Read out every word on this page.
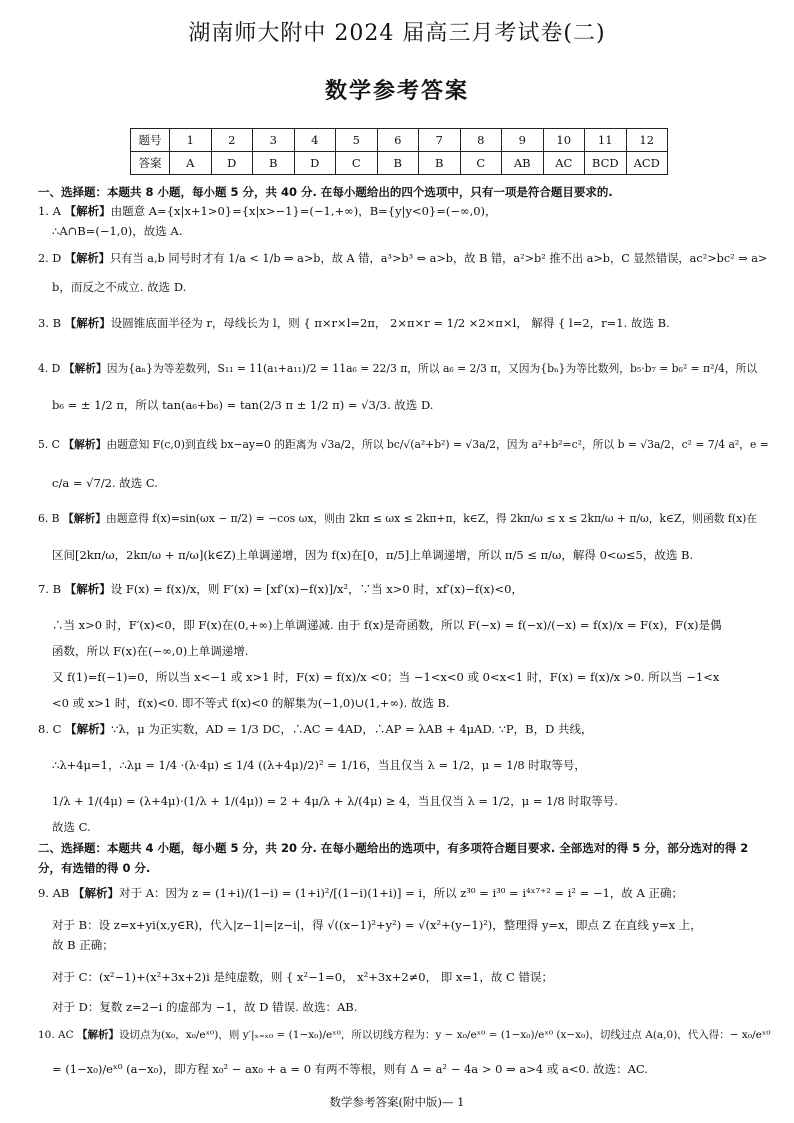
湖南师大附中 2024 届高三月考试卷(二)
数学参考答案
题号	1	2	3	4	5	6	7	8	9	10	11	12
答案	A	D	B	D	C	B	B	C	AB	AC	BCD	ACD
一、选择题：本题共 8 小题，每小题 5 分，共 40 分. 在每小题给出的四个选项中，只有一项是符合题目要求的.
1. A 【解析】由题意 A={x|x+1>0}={x|x>−1}=(−1,+∞)，B={y|y<0}=(−∞,0)，
∴A∩B=(−1,0)，故选 A.
2. D 【解析】只有当 a,b 同号时才有 1/a < 1/b ⇒ a>b，故 A 错，a³>b³ ⇔ a>b，故 B 错，a²>b² 推不出 a>b，C 显然错误，ac²>bc² ⇒ a>
b，而反之不成立. 故选 D.
3. B 【解析】设圆锥底面半径为 r，母线长为 l，则 { π×r×l=2π， 2×π×r = 1/2 ×2×π×l， 解得 { l=2，r=1. 故选 B.
4. D 【解析】因为{aₙ}为等差数列，S₁₁ = 11(a₁+a₁₁)/2 = 11a₆ = 22/3 π，所以 a₆ = 2/3 π，又因为{bₙ}为等比数列，b₅·b₇ = b₆² = π²/4，所以
b₆ = ± 1/2 π，所以 tan(a₆+b₆) = tan(2/3 π ± 1/2 π) = √3/3. 故选 D.
5. C 【解析】由题意知 F(c,0)到直线 bx−ay=0 的距离为 √3a/2，所以 bc/√(a²+b²) = √3a/2，因为 a²+b²=c²，所以 b = √3a/2，c² = 7/4 a²，e =
c/a = √7/2. 故选 C.
6. B 【解析】由题意得 f(x)=sin(ωx − π/2) = −cos ωx，则由 2kπ ≤ ωx ≤ 2kπ+π，k∈Z，得 2kπ/ω ≤ x ≤ 2kπ/ω + π/ω，k∈Z，则函数 f(x)在
区间[2kπ/ω，2kπ/ω + π/ω](k∈Z)上单调递增，因为 f(x)在[0，π/5]上单调递增，所以 π/5 ≤ π/ω，解得 0<ω≤5，故选 B.
7. B 【解析】设 F(x) = f(x)/x，则 F′(x) = [xf′(x)−f(x)]/x²，∵当 x>0 时，xf′(x)−f(x)<0，
∴当 x>0 时，F′(x)<0，即 F(x)在(0,+∞)上单调递减. 由于 f(x)是奇函数，所以 F(−x) = f(−x)/(−x) = f(x)/x = F(x)，F(x)是偶
函数，所以 F(x)在(−∞,0)上单调递增.
又 f(1)=f(−1)=0，所以当 x<−1 或 x>1 时，F(x) = f(x)/x <0；当 −1<x<0 或 0<x<1 时，F(x) = f(x)/x >0. 所以当 −1<x
<0 或 x>1 时，f(x)<0. 即不等式 f(x)<0 的解集为(−1,0)∪(1,+∞). 故选 B.
8. C 【解析】∵λ，μ 为正实数，AD = 1/3 DC，∴AC = 4AD，∴AP = λAB + 4μAD. ∵P，B，D 共线，
∴λ+4μ=1，∴λμ = 1/4 ·(λ·4μ) ≤ 1/4 ((λ+4μ)/2)² = 1/16，当且仅当 λ = 1/2，μ = 1/8 时取等号，
1/λ + 1/(4μ) = (λ+4μ)·(1/λ + 1/(4μ)) = 2 + 4μ/λ + λ/(4μ) ≥ 4，当且仅当 λ = 1/2，μ = 1/8 时取等号.
故选 C.
二、选择题：本题共 4 小题，每小题 5 分，共 20 分. 在每小题给出的选项中，有多项符合题目要求. 全部选对的得 5 分，部分选对的得 2
分，有选错的得 0 分.
9. AB 【解析】对于 A：因为 z = (1+i)/(1−i) = (1+i)²/[(1−i)(1+i)] = i，所以 z³⁰ = i³⁰ = i⁴ˣ⁷⁺² = i² = −1，故 A 正确；
对于 B：设 z=x+yi(x,y∈R)，代入|z−1|=|z−i|，得 √((x−1)²+y²) = √(x²+(y−1)²)，整理得 y=x，即点 Z 在直线 y=x 上，
故 B 正确；
对于 C：(x²−1)+(x²+3x+2)i 是纯虚数，则 { x²−1=0， x²+3x+2≠0， 即 x=1，故 C 错误；
对于 D：复数 z=2−i 的虚部为 −1，故 D 错误. 故选：AB.
10. AC 【解析】设切点为(x₀，x₀/eˣ⁰)，则 y′|ₓ₌ₓ₀ = (1−x₀)/eˣ⁰，所以切线方程为：y − x₀/eˣ⁰ = (1−x₀)/eˣ⁰ (x−x₀)，切线过点 A(a,0)，代入得：− x₀/eˣ⁰
= (1−x₀)/eˣ⁰ (a−x₀)，即方程 x₀² − ax₀ + a = 0 有两不等根，则有 Δ = a² − 4a > 0 ⇒ a>4 或 a<0. 故选：AC.
数学参考答案(附中版)— 1
